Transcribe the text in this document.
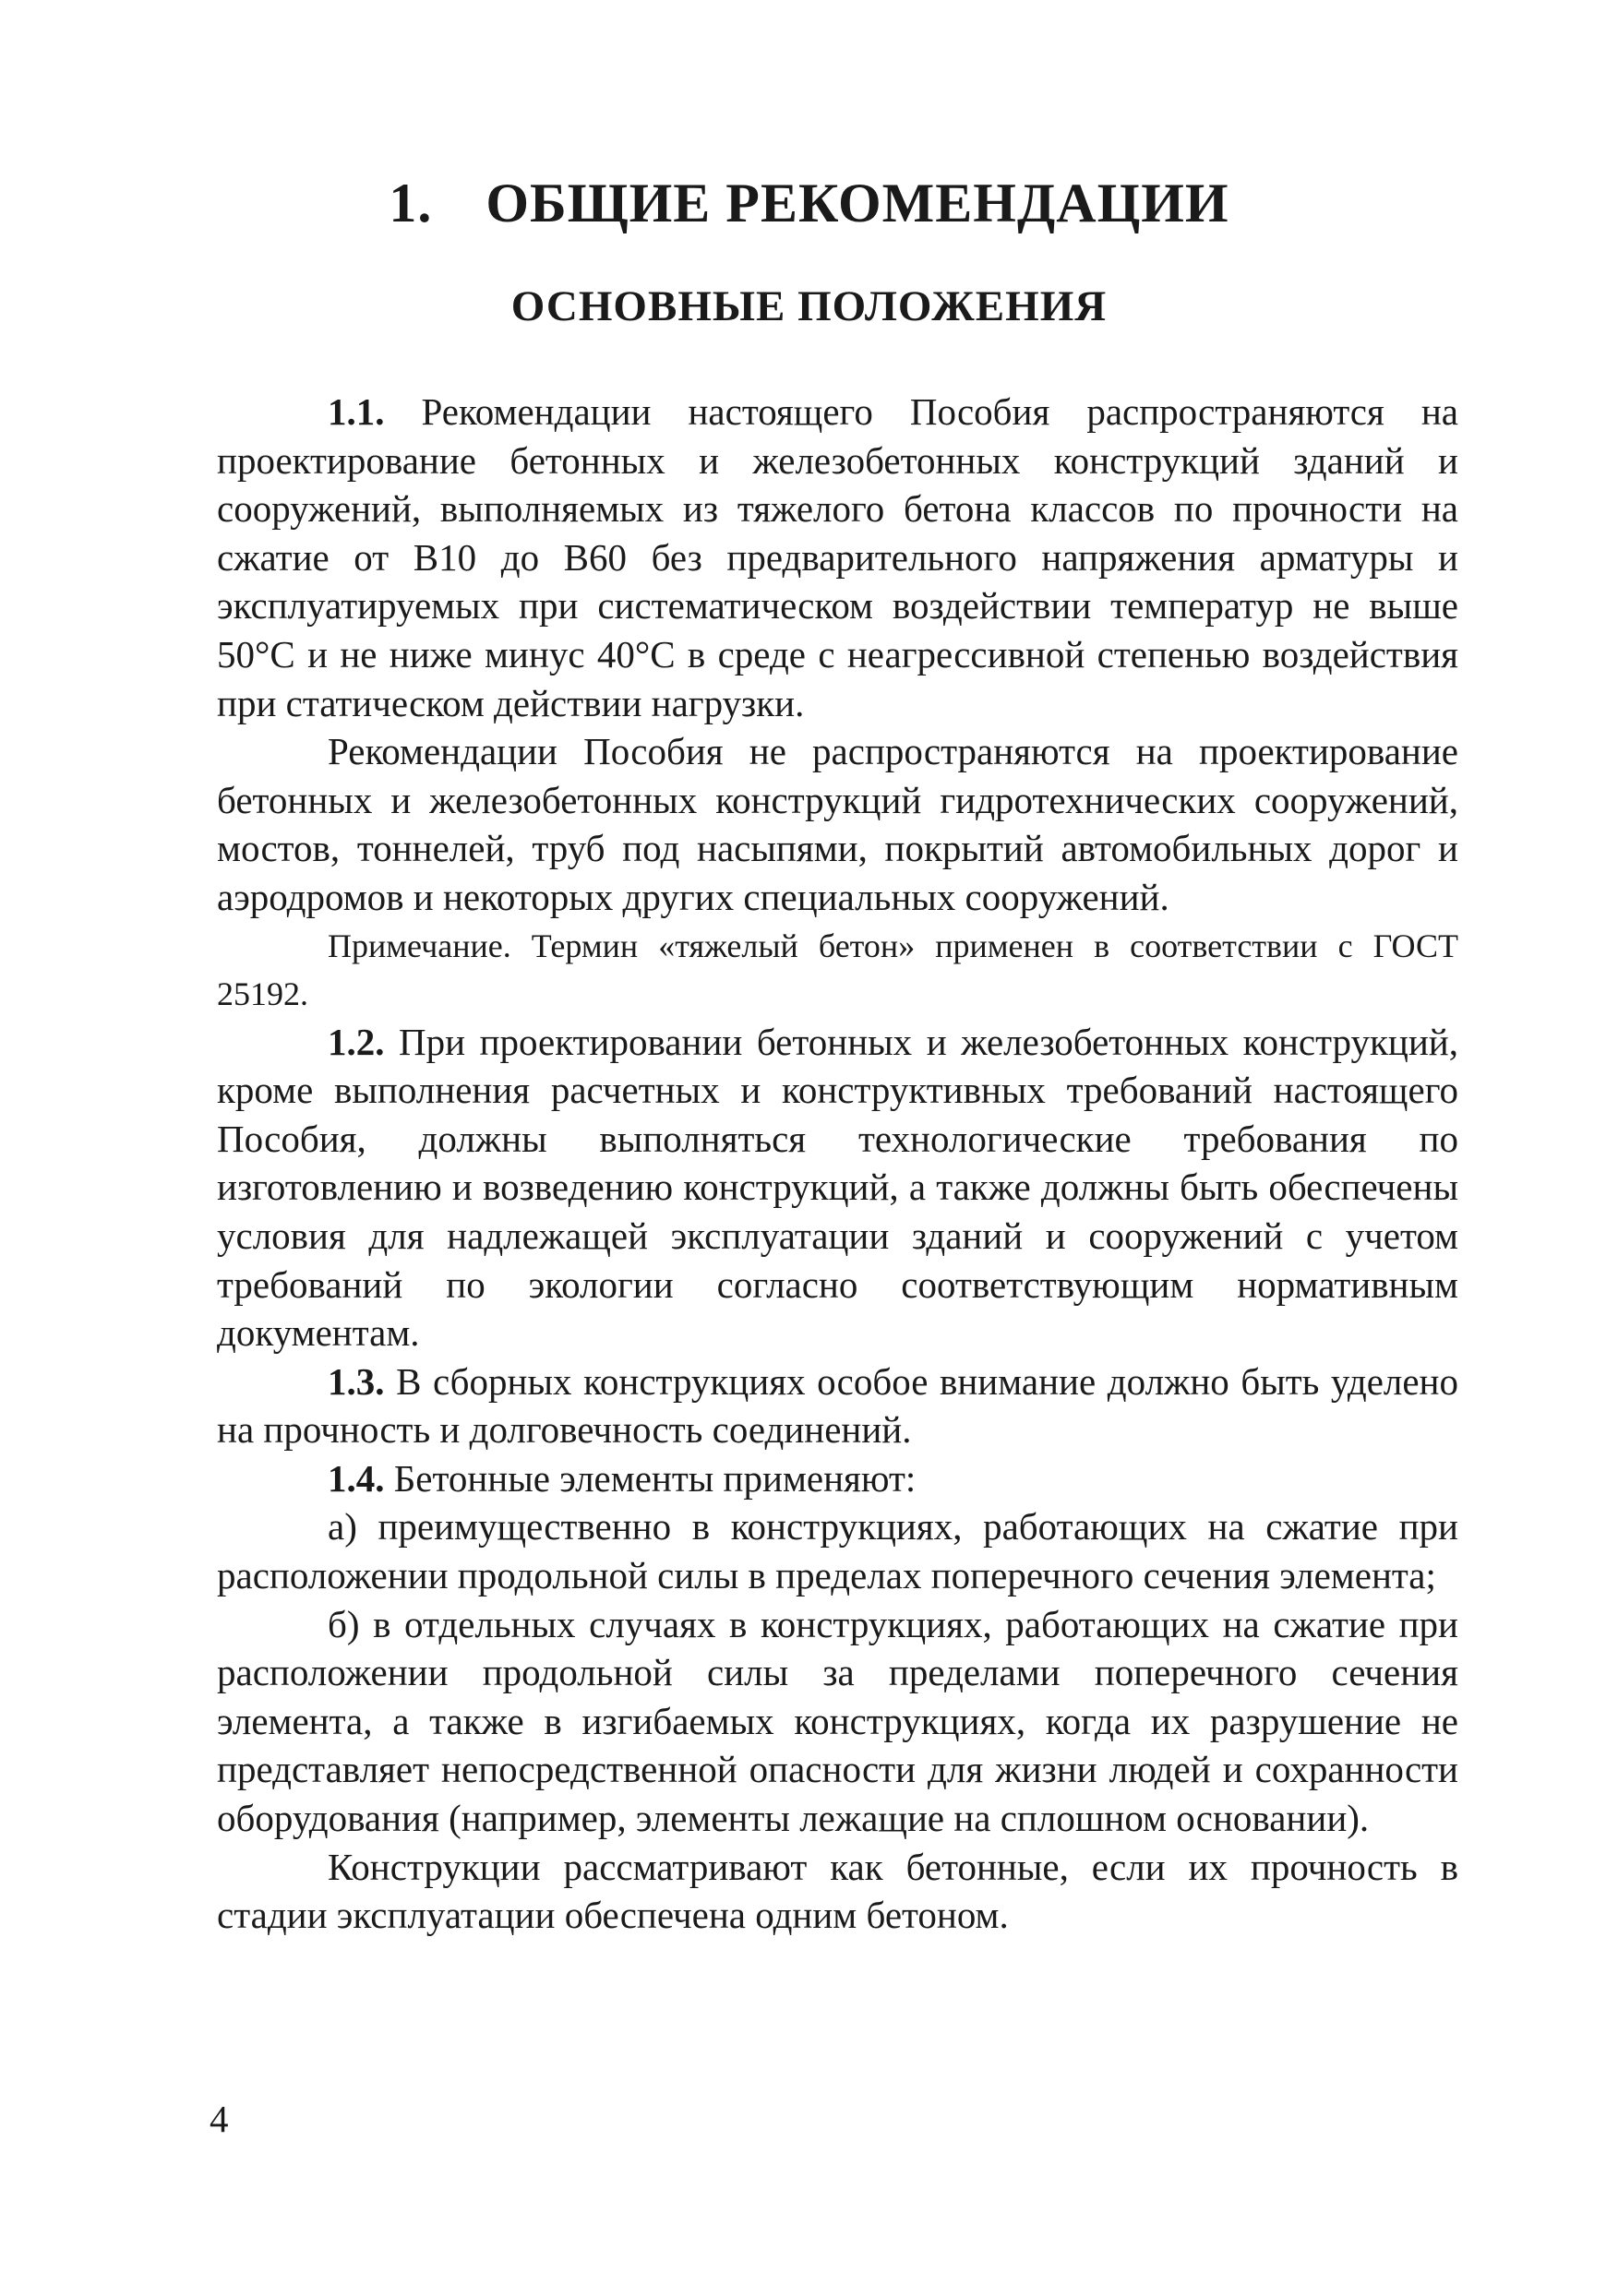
1. ОБЩИЕ РЕКОМЕНДАЦИИ
ОСНОВНЫЕ ПОЛОЖЕНИЯ

1.1. Рекомендации настоящего Пособия распространяются на проектирование бетонных и железобетонных конструкций зданий и сооружений, выполняемых из тяжелого бетона классов по прочности на сжатие от В10 до В60 без предварительного напряжения арматуры и эксплуатируемых при систематическом воздействии температур не выше 50°С и не ниже минус 40°С в среде с неагрессивной степенью воздействия при статическом действии нагрузки.

Рекомендации Пособия не распространяются на проектирование бетонных и железобетонных конструкций гидротехнических сооружений, мостов, тоннелей, труб под насыпями, покрытий автомобильных дорог и аэродромов и некоторых других специальных сооружений.

Примечание. Термин «тяжелый бетон» применен в соответствии с ГОСТ 25192.

1.2. При проектировании бетонных и железобетонных конструкций, кроме выполнения расчетных и конструктивных требований настоящего Пособия, должны выполняться технологические требования по изготовлению и возведению конструкций, а также должны быть обеспечены условия для надлежащей эксплуатации зданий и сооружений с учетом требований по экологии согласно соответствующим нормативным документам.

1.3. В сборных конструкциях особое внимание должно быть уделено на прочность и долговечность соединений.

1.4. Бетонные элементы применяют:

а) преимущественно в конструкциях, работающих на сжатие при расположении продольной силы в пределах поперечного сечения элемента;

б) в отдельных случаях в конструкциях, работающих на сжатие при расположении продольной силы за пределами поперечного сечения элемента, а также в изгибаемых конструкциях, когда их разрушение не представляет непосредственной опасности для жизни людей и сохранности оборудования (например, элементы лежащие на сплошном основании).

Конструкции рассматривают как бетонные, если их прочность в стадии эксплуатации обеспечена одним бетоном.

4
